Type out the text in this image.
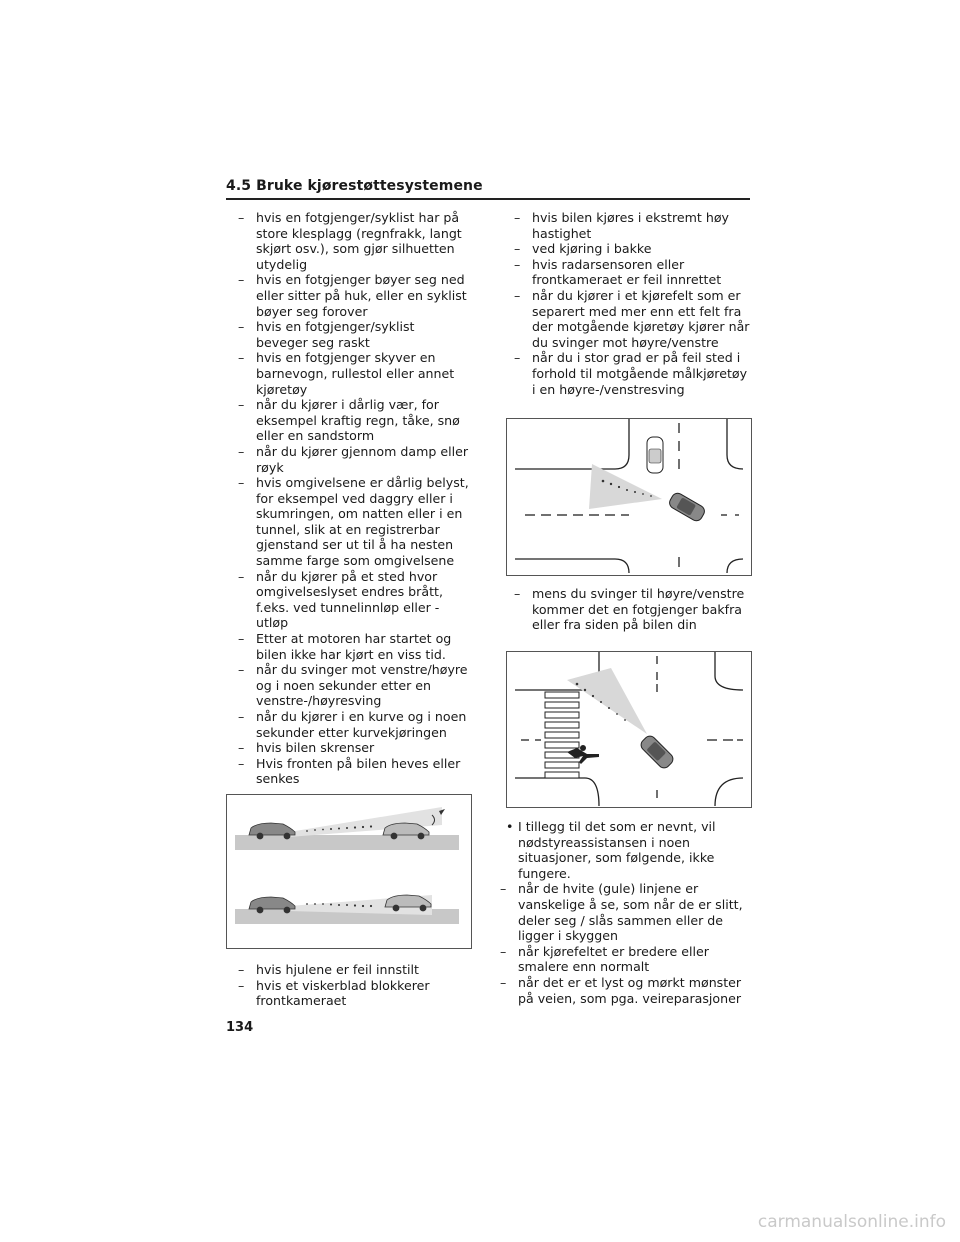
4.5 Bruke kjørestøttesystemene
– hvis en fotgjenger/syklist har på store klesplagg (regnfrakk, langt skjørt osv.), som gjør silhuetten utydelig
– hvis en fotgjenger bøyer seg ned eller sitter på huk, eller en syklist bøyer seg forover
– hvis en fotgjenger/syklist beveger seg raskt
– hvis en fotgjenger skyver en barnevogn, rullestol eller annet kjøretøy
– når du kjører i dårlig vær, for eksempel kraftig regn, tåke, snø eller en sandstorm
– når du kjører gjennom damp eller røyk
– hvis omgivelsene er dårlig belyst, for eksempel ved daggry eller i skumringen, om natten eller i en tunnel, slik at en registrerbar gjenstand ser ut til å ha nesten samme farge som omgivelsene
– når du kjører på et sted hvor omgivelseslyset endres brått, f.eks. ved tunnelinnløp eller -utløp
– Etter at motoren har startet og bilen ikke har kjørt en viss tid.
– når du svinger mot venstre/høyre og i noen sekunder etter en venstre-/høyresving
– når du kjører i en kurve og i noen sekunder etter kurvekjøringen
– hvis bilen skrenser
– Hvis fronten på bilen heves eller senkes
– hvis hjulene er feil innstilt
– hvis et viskerblad blokkerer frontkameraet
– hvis bilen kjøres i ekstremt høy hastighet
– ved kjøring i bakke
– hvis radarsensoren eller frontkameraet er feil innrettet
– når du kjører i et kjørefelt som er separert med mer enn ett felt fra der motgående kjøretøy kjører når du svinger mot høyre/venstre
– når du i stor grad er på feil sted i forhold til motgående målkjøretøy i en høyre-/venstresving
– mens du svinger til høyre/venstre kommer det en fotgjenger bakfra eller fra siden på bilen din
• I tillegg til det som er nevnt, vil nødstyreassistansen i noen situasjoner, som følgende, ikke fungere.
– når de hvite (gule) linjene er vanskelige å se, som når de er slitt, deler seg / slås sammen eller de ligger i skyggen
– når kjørefeltet er bredere eller smalere enn normalt
– når det er et lyst og mørkt mønster på veien, som pga. veireparasjoner
134
carmanualsonline.info
